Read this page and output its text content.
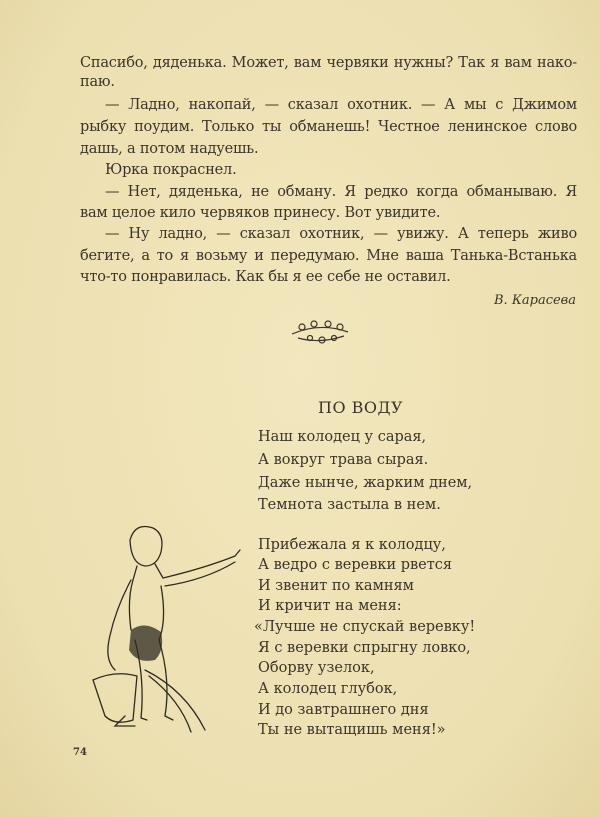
Спасибо, дяденька. Может, вам червяки нужны? Так я вам нако-
паю.
— Ладно, накопай, — сказал охотник. — А мы с Джимом
рыбку поудим. Только ты обманешь! Честное ленинское слово
дашь, а потом надуешь.
Юрка покраснел.
— Нет, дяденька, не обману. Я редко когда обманываю. Я
вам целое кило червяков принесу. Вот увидите.
— Ну ладно, — сказал охотник, — увижу. А теперь живо
бегите, а то я возьму и передумаю. Мне ваша Танька-Встанька
что-то понравилась. Как бы я ее себе не оставил.
В. Карасева
ПО ВОДУ
Наш колодец у сарая,
А вокруг трава сырая.
Даже нынче, жарким днем,
Темнота застыла в нем.
Прибежала я к колодцу,
А ведро с веревки рвется
И звенит по камням
И кричит на меня:
«Лучше не спускай веревку!
Я с веревки спрыгну ловко,
Оборву узелок,
А колодец глубок,
И до завтрашнего дня
Ты не вытащишь меня!»
74
